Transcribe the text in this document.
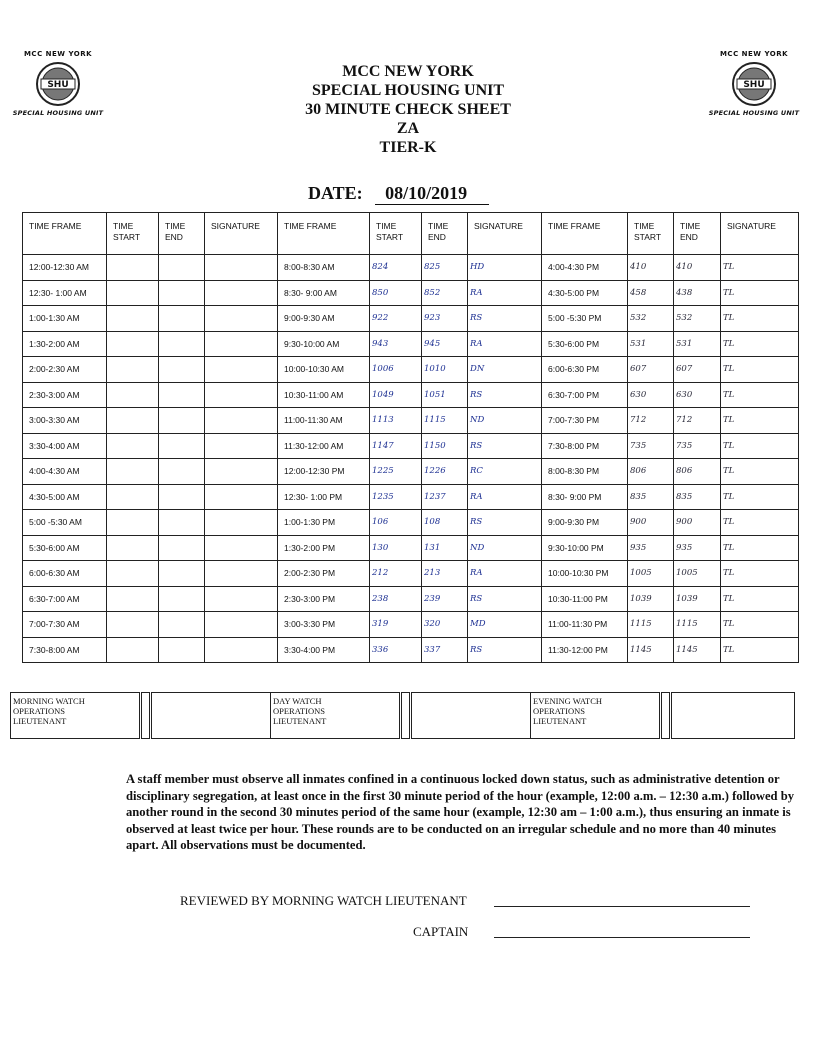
MCC NEW YORK
SHU
SPECIAL HOUSING UNIT
MCC NEW YORK
SHU
SPECIAL HOUSING UNIT
MCC NEW YORK
SPECIAL HOUSING UNIT
30 MINUTE CHECK SHEET
ZA
TIER-K
DATE: 08/10/2019
TIME FRAME	TIME START	TIME END	SIGNATURE	TIME FRAME	TIME START	TIME END	SIGNATURE	TIME FRAME	TIME START	TIME END	SIGNATURE
12:00-12:30 AM				8:00-8:30 AM	824	825	HD	4:00-4:30 PM	410	410	TL
12:30- 1:00 AM				8:30- 9:00 AM	850	852	RA	4:30-5:00 PM	458	438	TL
1:00-1:30 AM				9:00-9:30 AM	922	923	RS	5:00 -5:30 PM	532	532	TL
1:30-2:00 AM				9:30-10:00 AM	943	945	RA	5:30-6:00 PM	531	531	TL
2:00-2:30 AM				10:00-10:30 AM	1006	1010	DN	6:00-6:30 PM	607	607	TL
2:30-3:00 AM				10:30-11:00 AM	1049	1051	RS	6:30-7:00 PM	630	630	TL
3:00-3:30 AM				11:00-11:30 AM	1113	1115	ND	7:00-7:30 PM	712	712	TL
3:30-4:00 AM				11:30-12:00 AM	1147	1150	RS	7:30-8:00 PM	735	735	TL
4:00-4:30 AM				12:00-12:30 PM	1225	1226	RC	8:00-8:30 PM	806	806	TL
4:30-5:00 AM				12:30- 1:00 PM	1235	1237	RA	8:30- 9:00 PM	835	835	TL
5:00 -5:30 AM				1:00-1:30 PM	106	108	RS	9:00-9:30 PM	900	900	TL
5:30-6:00 AM				1:30-2:00 PM	130	131	ND	9:30-10:00 PM	935	935	TL
6:00-6:30 AM				2:00-2:30 PM	212	213	RA	10:00-10:30 PM	1005	1005	TL
6:30-7:00 AM				2:30-3:00 PM	238	239	RS	10:30-11:00 PM	1039	1039	TL
7:00-7:30 AM				3:00-3:30 PM	319	320	MD	11:00-11:30 PM	1115	1115	TL
7:30-8:00 AM				3:30-4:00 PM	336	337	RS	11:30-12:00 PM	1145	1145	TL
MORNING WATCH
OPERATIONS
LIEUTENANT			DAY WATCH
OPERATIONS
LIEUTENANT			EVENING WATCH
OPERATIONS
LIEUTENANT		
A staff member must observe all inmates confined in a continuous locked down status, such as administrative detention or disciplinary segregation, at least once in the first 30 minute period of the hour (example, 12:00 a.m. – 12:30 a.m.) followed by another round in the second 30 minutes period of the same hour (example, 12:30 am – 1:00 a.m.), thus ensuring an inmate is observed at least twice per hour. These rounds are to be conducted on an irregular schedule and no more than 40 minutes apart. All observations must be documented.
REVIEWED BY MORNING WATCH LIEUTENANT
CAPTAIN
